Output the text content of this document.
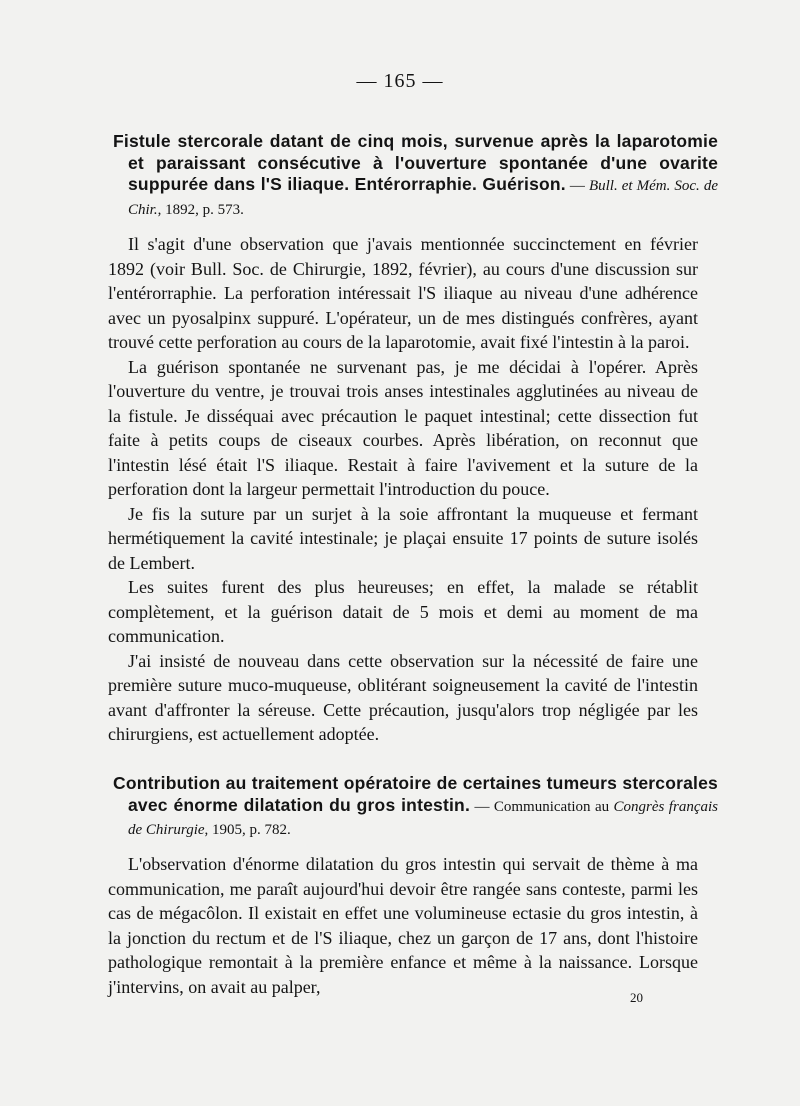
— 165 —
Fistule stercorale datant de cinq mois, survenue après la laparotomie et paraissant consécutive à l'ouverture spontanée d'une ovarite suppurée dans l'S iliaque. Entérorraphie. Guérison. — Bull. et Mém. Soc. de Chir., 1892, p. 573.

Il s'agit d'une observation que j'avais mentionnée succinctement en février 1892 (voir Bull. Soc. de Chirurgie, 1892, février), au cours d'une discussion sur l'entérorraphie. La perforation intéressait l'S iliaque au niveau d'une adhérence avec un pyosalpinx suppuré. L'opérateur, un de mes distingués confrères, ayant trouvé cette perforation au cours de la laparotomie, avait fixé l'intestin à la paroi.

La guérison spontanée ne survenant pas, je me décidai à l'opérer. Après l'ouverture du ventre, je trouvai trois anses intestinales agglutinées au niveau de la fistule. Je disséquai avec précaution le paquet intestinal; cette dissection fut faite à petits coups de ciseaux courbes. Après libération, on reconnut que l'intestin lésé était l'S iliaque. Restait à faire l'avivement et la suture de la perforation dont la largeur permettait l'introduction du pouce.

Je fis la suture par un surjet à la soie affrontant la muqueuse et fermant hermétiquement la cavité intestinale; je plaçai ensuite 17 points de suture isolés de Lembert.

Les suites furent des plus heureuses; en effet, la malade se rétablit complètement, et la guérison datait de 5 mois et demi au moment de ma communication.

J'ai insisté de nouveau dans cette observation sur la nécessité de faire une première suture muco-muqueuse, oblitérant soigneusement la cavité de l'intestin avant d'affronter la séreuse. Cette précaution, jusqu'alors trop négligée par les chirurgiens, est actuellement adoptée.

Contribution au traitement opératoire de certaines tumeurs stercorales avec énorme dilatation du gros intestin. — Communication au Congrès français de Chirurgie, 1905, p. 782.

L'observation d'énorme dilatation du gros intestin qui servait de thème à ma communication, me paraît aujourd'hui devoir être rangée sans conteste, parmi les cas de mégacôlon. Il existait en effet une volumineuse ectasie du gros intestin, à la jonction du rectum et de l'S iliaque, chez un garçon de 17 ans, dont l'histoire pathologique remontait à la première enfance et même à la naissance. Lorsque j'intervins, on avait au palper,

20
